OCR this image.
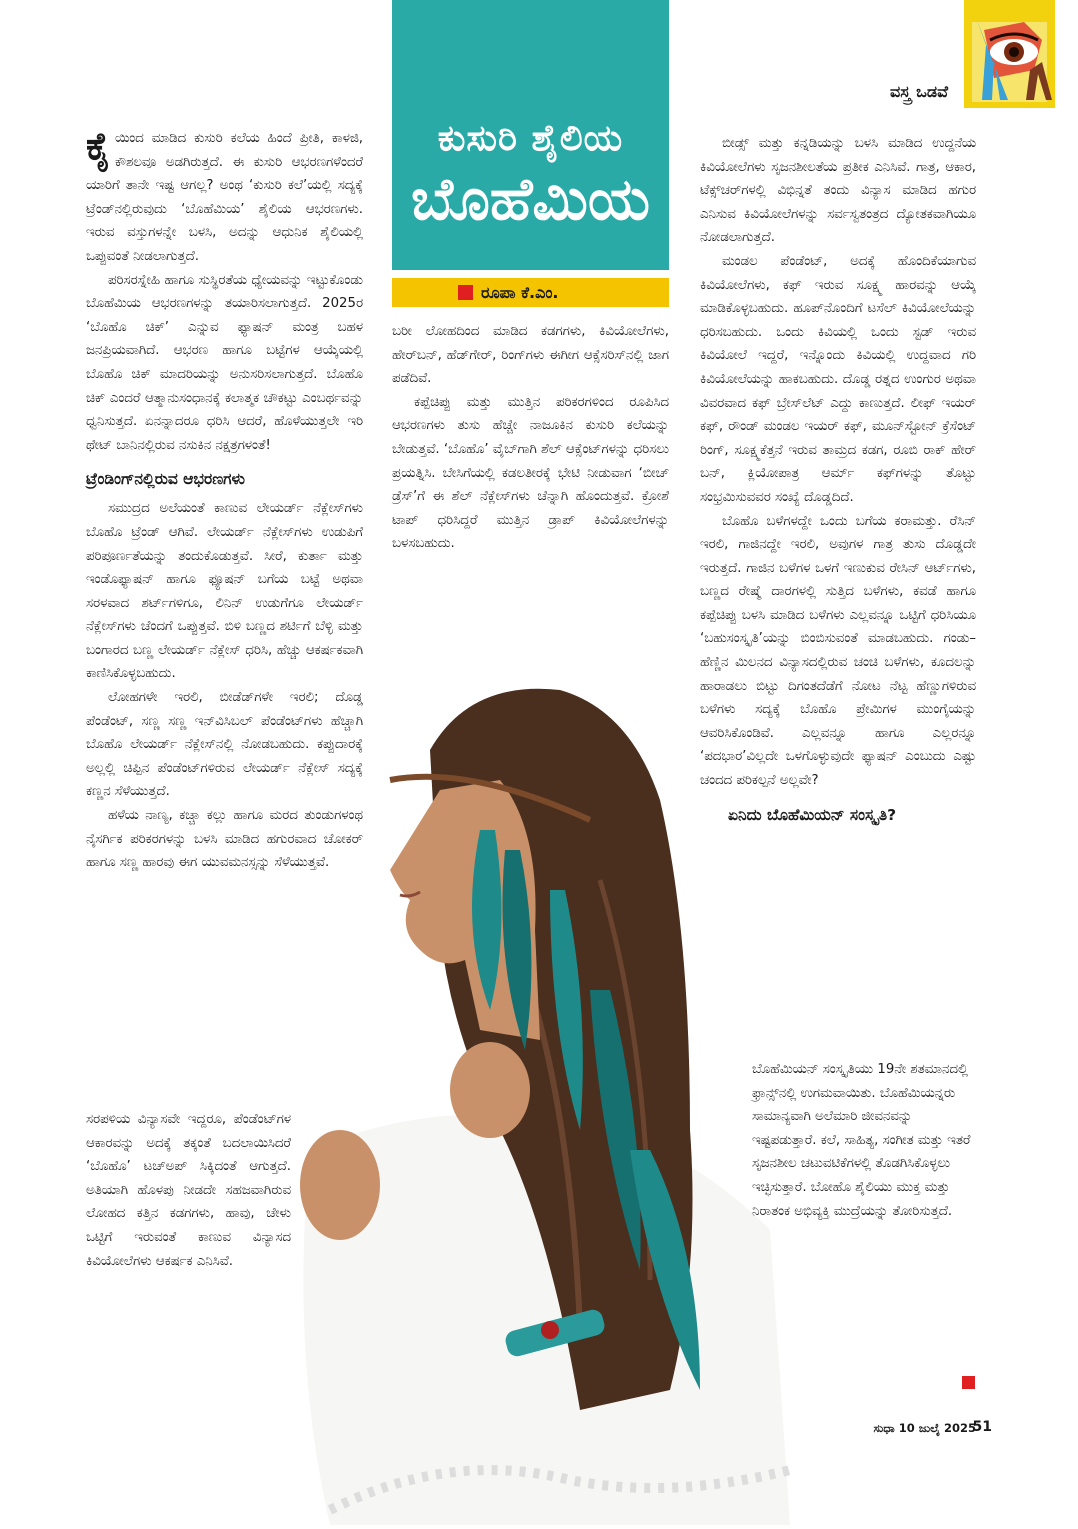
ವಸ್ತ್ರ ಒಡವೆ
ಕುಸುರಿ ಶೈಲಿಯ
ಬೊಹೆಮಿಯ
ರೂಪಾ ಕೆ.ಎಂ.

ಕೈಯಿಂದ ಮಾಡಿದ ಕುಸುರಿ ಕಲೆಯ ಹಿಂದೆ ಪ್ರೀತಿ, ಕಾಳಜಿ, ಕೌಶಲವೂ ಅಡಗಿರುತ್ತದೆ. ಈ ಕುಸುರಿ ಆಭರಣಗಳೆಂದರೆ ಯಾರಿಗೆ ತಾನೇ ಇಷ್ಟ ಆಗಲ್ಲ? ಅಂಥ ‘ಕುಸುರಿ ಕಲೆ’ಯಲ್ಲಿ ಸದ್ಯಕ್ಕೆ ಟ್ರೆಂಡ್‌ನಲ್ಲಿರುವುದು ‘ಬೊಹೆಮಿಯ’ ಶೈಲಿಯ ಆಭರಣಗಳು. ಇರುವ ವಸ್ತುಗಳನ್ನೇ ಬಳಸಿ, ಅದನ್ನು ಆಧುನಿಕ ಶೈಲಿಯಲ್ಲಿ ಒಪ್ಪುವಂತೆ ನೀಡಲಾಗುತ್ತದೆ.

ಪರಿಸರಸ್ನೇಹಿ ಹಾಗೂ ಸುಸ್ಥಿರತೆಯ ಧ್ಯೇಯವನ್ನು ಇಟ್ಟುಕೊಂಡು ಬೊಹೆಮಿಯ ಆಭರಣಗಳನ್ನು ತಯಾರಿಸಲಾಗುತ್ತದೆ. 2025ರ ‘ಬೊಹೊ ಚಿಕ್’ ಎನ್ನುವ ಫ್ಯಾಷನ್ ಮಂತ್ರ ಬಹಳ ಜನಪ್ರಿಯವಾಗಿದೆ. ಆಭರಣ ಹಾಗೂ ಬಟ್ಟೆಗಳ ಆಯ್ಕೆಯಲ್ಲಿ ಬೊಹೊ ಚಿಕ್ ಮಾದರಿಯನ್ನು ಅನುಸರಿಸಲಾಗುತ್ತದೆ. ಬೊಹೊ ಚಿಕ್ ಎಂದರೆ ಆತ್ಮಾನುಸಂಧಾನಕ್ಕೆ ಕಲಾತ್ಮಕ ಚೌಕಟ್ಟು ಎಂಬರ್ಥವನ್ನು ಧ್ವನಿಸುತ್ತದೆ. ಏನನ್ನಾದರೂ ಧರಿಸಿ ಆದರೆ, ಹೊಳೆಯುತ್ತಲೇ ಇರಿ ಥೇಟ್ ಬಾನಿನಲ್ಲಿರುವ ನಸುಕಿನ ನಕ್ಷತ್ರಗಳಂತೆ!

ಟ್ರೆಂಡಿಂಗ್‌ನಲ್ಲಿರುವ ಆಭರಣಗಳು

ಸಮುದ್ರದ ಅಲೆಯಂತೆ ಕಾಣುವ ಲೇಯರ್ಡ್ ನೆಕ್ಲೇಸ್‌ಗಳು ಬೊಹೊ ಟ್ರೆಂಡ್ ಆಗಿವೆ. ಲೇಯರ್ಡ್ ನೆಕ್ಲೇಸ್‌ಗಳು ಉಡುಪಿಗೆ ಪರಿಪೂರ್ಣತೆಯನ್ನು ತಂದುಕೊಡುತ್ತವೆ. ಸೀರೆ, ಕುರ್ತಾ ಮತ್ತು ಇಂಡೊಫ್ಯಾಷನ್ ಹಾಗೂ ಫ್ಯೂಷನ್ ಬಗೆಯ ಬಟ್ಟೆ ಅಥವಾ ಸರಳವಾದ ಶರ್ಟ್‌ಗಳಿಗೂ, ಲಿನಿನ್ ಉಡುಗೆಗೂ ಲೇಯರ್ಡ್ ನೆಕ್ಲೇಸ್‌ಗಳು ಚೆಂದಗೆ ಒಪ್ಪುತ್ತವೆ. ಬಿಳಿ ಬಣ್ಣದ ಶರ್ಟಿಗೆ ಬೆಳ್ಳಿ ಮತ್ತು ಬಂಗಾರದ ಬಣ್ಣ ಲೇಯರ್ಡ್ ನೆಕ್ಲೇಸ್ ಧರಿಸಿ, ಹೆಚ್ಚು ಆಕರ್ಷಕವಾಗಿ ಕಾಣಿಸಿಕೊಳ್ಳಬಹುದು.

ಲೋಹಗಳೇ ಇರಲಿ, ಬೀಡೆಡ್‌ಗಳೇ ಇರಲಿ; ದೊಡ್ಡ ಪೆಂಡೆಂಟ್, ಸಣ್ಣ ಸಣ್ಣ ಇನ್‌ವಿಸಿಬಲ್ ಪೆಂಡೆಂಟ್‌ಗಳು ಹೆಚ್ಚಾಗಿ ಬೊಹೊ ಲೇಯರ್ಡ್ ನೆಕ್ಲೇಸ್‌ನಲ್ಲಿ ನೋಡಬಹುದು. ಕಪ್ಪುದಾರಕ್ಕೆ ಅಲ್ಲಲ್ಲಿ ಚಿಪ್ಪಿನ ಪೆಂಡೆಂಟ್‌ಗಳಿರುವ ಲೇಯರ್ಡ್ ನೆಕ್ಲೇಸ್ ಸದ್ಯಕ್ಕೆ ಕಣ್ಣನ ಸೆಳೆಯುತ್ತದೆ.

ಹಳೆಯ ನಾಣ್ಯ, ಕಚ್ಚಾ ಕಲ್ಲು ಹಾಗೂ ಮರದ ತುಂಡುಗಳಂಥ ನೈಸರ್ಗಿಕ ಪರಿಕರಗಳನ್ನು ಬಳಸಿ ಮಾಡಿದ ಹಗುರವಾದ ಚೋಕರ್ ಹಾಗೂ ಸಣ್ಣ ಹಾರವು ಈಗ ಯುವಮನಸ್ಸನ್ನು ಸೆಳೆಯುತ್ತವೆ.

ಸರಪಳಿಯ ವಿನ್ಯಾಸವೇ ಇದ್ದರೂ, ಪೆಂಡೆಂಟ್‌ಗಳ ಆಕಾರವನ್ನು ಅದಕ್ಕೆ ತಕ್ಕಂತೆ ಬದಲಾಯಿಸಿದರೆ ‘ಬೊಹೊ’ ಟಚ್‌ಅಪ್ ಸಿಕ್ಕಿದಂತೆ ಆಗುತ್ತದೆ. ಅತಿಯಾಗಿ ಹೊಳಪು ನೀಡದೇ ಸಹಜವಾಗಿರುವ ಲೋಹದ ಕತ್ತಿನ ಕಡಗಗಳು, ಹಾವು, ಚೇಳು ಒಟ್ಟಿಗೆ ಇರುವಂತೆ ಕಾಣುವ ವಿನ್ಯಾಸದ ಕಿವಿಯೋಲೆಗಳು ಆಕರ್ಷಕ ಎನಿಸಿವೆ.

ಬರೀ ಲೋಹದಿಂದ ಮಾಡಿದ ಕಡಗಗಳು, ಕಿವಿಯೋಲೆಗಳು, ಹೇರ್‌ಬನ್, ಹೆಡ್‌ಗೇರ್, ರಿಂಗ್‌ಗಳು ಈಗೀಗ ಆಕ್ಸೆಸರಿಸ್‌ನಲ್ಲಿ ಜಾಗ ಪಡೆದಿವೆ.

ಕಪ್ಪೆಚಿಪ್ಪು ಮತ್ತು ಮುತ್ತಿನ ಪರಿಕರಗಳಿಂದ ರೂಪಿಸಿದ ಆಭರಣಗಳು ತುಸು ಹೆಚ್ಚೇ ನಾಜೂಕಿನ ಕುಸುರಿ ಕಲೆಯನ್ನು ಬೇಡುತ್ತವೆ. ‘ಬೊಹೊ’ ವೈಬ್‌ಗಾಗಿ ಶೆಲ್ ಆಕ್ಸೆಂಟ್‌ಗಳನ್ನು ಧರಿಸಲು ಪ್ರಯತ್ನಿಸಿ. ಬೇಸಿಗೆಯಲ್ಲಿ ಕಡಲತೀರಕ್ಕೆ ಭೇಟಿ ನೀಡುವಾಗ ‘ಬೀಚ್ ಡ್ರೆಸ್’ಗೆ ಈ ಶೆಲ್ ನೆಕ್ಲೇಸ್‌ಗಳು ಚೆನ್ನಾಗಿ ಹೊಂದುತ್ತವೆ. ಕ್ರೋಶೆ ಟಾಪ್ ಧರಿಸಿದ್ದರೆ ಮುತ್ತಿನ ಡ್ರಾಪ್ ಕಿವಿಯೋಲೆಗಳನ್ನು ಬಳಸಬಹುದು.

ಬೀಡ್ಸ್ ಮತ್ತು ಕನ್ನಡಿಯನ್ನು ಬಳಸಿ ಮಾಡಿದ ಉದ್ದನೆಯ ಕಿವಿಯೋಲೆಗಳು ಸೃಜನಶೀಲತೆಯ ಪ್ರತೀಕ ಎನಿಸಿವೆ. ಗಾತ್ರ, ಆಕಾರ, ಟೆಕ್ಸ್‌ಚರ್‌ಗಳಲ್ಲಿ ವಿಭಿನ್ನತೆ ತಂದು ವಿನ್ಯಾಸ ಮಾಡಿದ ಹಗುರ ಎನಿಸುವ ಕಿವಿಯೋಲೆಗಳನ್ನು ಸರ್ವಸ್ವತಂತ್ರದ ದ್ಯೋತಕವಾಗಿಯೂ ನೋಡಲಾಗುತ್ತದೆ.

ಮಂಡಲ ಪೆಂಡೆಂಟ್, ಅದಕ್ಕೆ ಹೊಂದಿಕೆಯಾಗುವ ಕಿವಿಯೋಲೆಗಳು, ಕಫ್ ಇರುವ ಸೂಕ್ಷ್ಮ ಹಾರವನ್ನು ಆಯ್ಕೆ ಮಾಡಿಕೊಳ್ಳಬಹುದು. ಹೂಪ್‌ನೊಂದಿಗೆ ಟಸೆಲ್ ಕಿವಿಯೋಲೆಯನ್ನು ಧರಿಸಬಹುದು. ಒಂದು ಕಿವಿಯಲ್ಲಿ ಒಂದು ಸ್ಟಡ್ ಇರುವ ಕಿವಿಯೋಲೆ ಇದ್ದರೆ, ಇನ್ನೊಂದು ಕಿವಿಯಲ್ಲಿ ಉದ್ದವಾದ ಗರಿ ಕಿವಿಯೋಲೆಯನ್ನು ಹಾಕಬಹುದು. ದೊಡ್ಡ ರತ್ನದ ಉಂಗುರ ಅಥವಾ ವಿವರವಾದ ಕಫ್ ಬ್ರೇಸ್‌ಲೆಟ್ ಎದ್ದು ಕಾಣುತ್ತದೆ. ಲೀಫ್ ಇಯರ್ ಕಫ್, ರೌಂಡ್ ಮಂಡಲ ಇಯರ್ ಕಫ್, ಮೂನ್‌ಸ್ಟೋನ್ ಕ್ರೆಸೆಂಟ್ ರಿಂಗ್, ಸೂಕ್ಷ್ಮಕೆತ್ತನೆ ಇರುವ ತಾಮ್ರದ ಕಡಗ, ರೂಬಿ ರಾಕ್ ಹೇರ್ ಬನ್, ಕ್ಲಿಯೋಪಾತ್ರ ಆರ್ಮ್ ಕಫ್‌ಗಳನ್ನು ತೊಟ್ಟು ಸಂಭ್ರಮಿಸುವವರ ಸಂಖ್ಯೆ ದೊಡ್ಡದಿದೆ.

ಬೊಹೊ ಬಳೆಗಳದ್ದೇ ಒಂದು ಬಗೆಯ ಕರಾಮತ್ತು. ರೆಸಿನ್ ಇರಲಿ, ಗಾಜಿನದ್ದೇ ಇರಲಿ, ಅವುಗಳ ಗಾತ್ರ ತುಸು ದೊಡ್ಡದೇ ಇರುತ್ತದೆ. ಗಾಜಿನ ಬಳೆಗಳ ಒಳಗೆ ಇಣುಕುವ ರೇಸಿನ್ ಆರ್ಟ್‌ಗಳು, ಬಣ್ಣದ ರೇಷ್ಮೆ ದಾರಗಳಲ್ಲಿ ಸುತ್ತಿದ ಬಳೆಗಳು, ಕವಡೆ ಹಾಗೂ ಕಪ್ಪೆಚಿಪ್ಪು ಬಳಸಿ ಮಾಡಿದ ಬಳೆಗಳು ಎಲ್ಲವನ್ನೂ ಒಟ್ಟಿಗೆ ಧರಿಸಿಯೂ ‘ಬಹುಸಂಸ್ಕೃತಿ’ಯನ್ನು ಬಿಂಬಿಸುವಂತೆ ಮಾಡಬಹುದು. ಗಂಡು–ಹೆಣ್ಣಿನ ಮಿಲನದ ವಿನ್ಯಾಸದಲ್ಲಿರುವ ಚಂಚಿ ಬಳೆಗಳು, ಕೂದಲನ್ನು ಹಾರಾಡಲು ಬಿಟ್ಟು ದಿಗಂತದೆಡೆಗೆ ನೋಟ ನೆಟ್ಟ ಹೆಣ್ಣುಗಳಿರುವ ಬಳೆಗಳು ಸದ್ಯಕ್ಕೆ ಬೊಹೊ ಪ್ರೇಮಿಗಳ ಮುಂಗೈಯನ್ನು ಆವರಿಸಿಕೊಂಡಿವೆ. ಎಲ್ಲವನ್ನೂ ಹಾಗೂ ಎಲ್ಲರನ್ನೂ ‘ಪದಭಾರ’ವಿಲ್ಲದೇ ಒಳಗೊಳ್ಳುವುದೇ ಫ್ಯಾಷನ್ ಎಂಬುದು ಎಷ್ಟು ಚಂದದ ಪರಿಕಲ್ಪನೆ ಅಲ್ಲವೇ?

ಏನಿದು ಬೊಹೆಮಿಯನ್ ಸಂಸ್ಕೃತಿ?

ಬೊಹೆಮಿಯನ್ ಸಂಸ್ಕೃತಿಯು 19ನೇ ಶತಮಾನದಲ್ಲಿ ಫ್ರಾನ್ಸ್‌ನಲ್ಲಿ ಉಗಮವಾಯಿತು. ಬೊಹೆಮಿಯನ್ನರು ಸಾಮಾನ್ಯವಾಗಿ ಅಲೆಮಾರಿ ಜೀವನವನ್ನು ಇಷ್ಟಪಡುತ್ತಾರೆ. ಕಲೆ, ಸಾಹಿತ್ಯ, ಸಂಗೀತ ಮತ್ತು ಇತರೆ ಸೃಜನಶೀಲ ಚಟುವಟಿಕೆಗಳಲ್ಲಿ ತೊಡಗಿಸಿಕೊಳ್ಳಲು ಇಚ್ಛಿಸುತ್ತಾರೆ. ಬೋಹೊ ಶೈಲಿಯು ಮುಕ್ತ ಮತ್ತು ನಿರಾತಂಕ ಅಭಿವ್ಯಕ್ತಿ ಮುದ್ರೆಯನ್ನು ತೋರಿಸುತ್ತದೆ.

ಸುಧಾ 10 ಜುಲೈ 2025
51
